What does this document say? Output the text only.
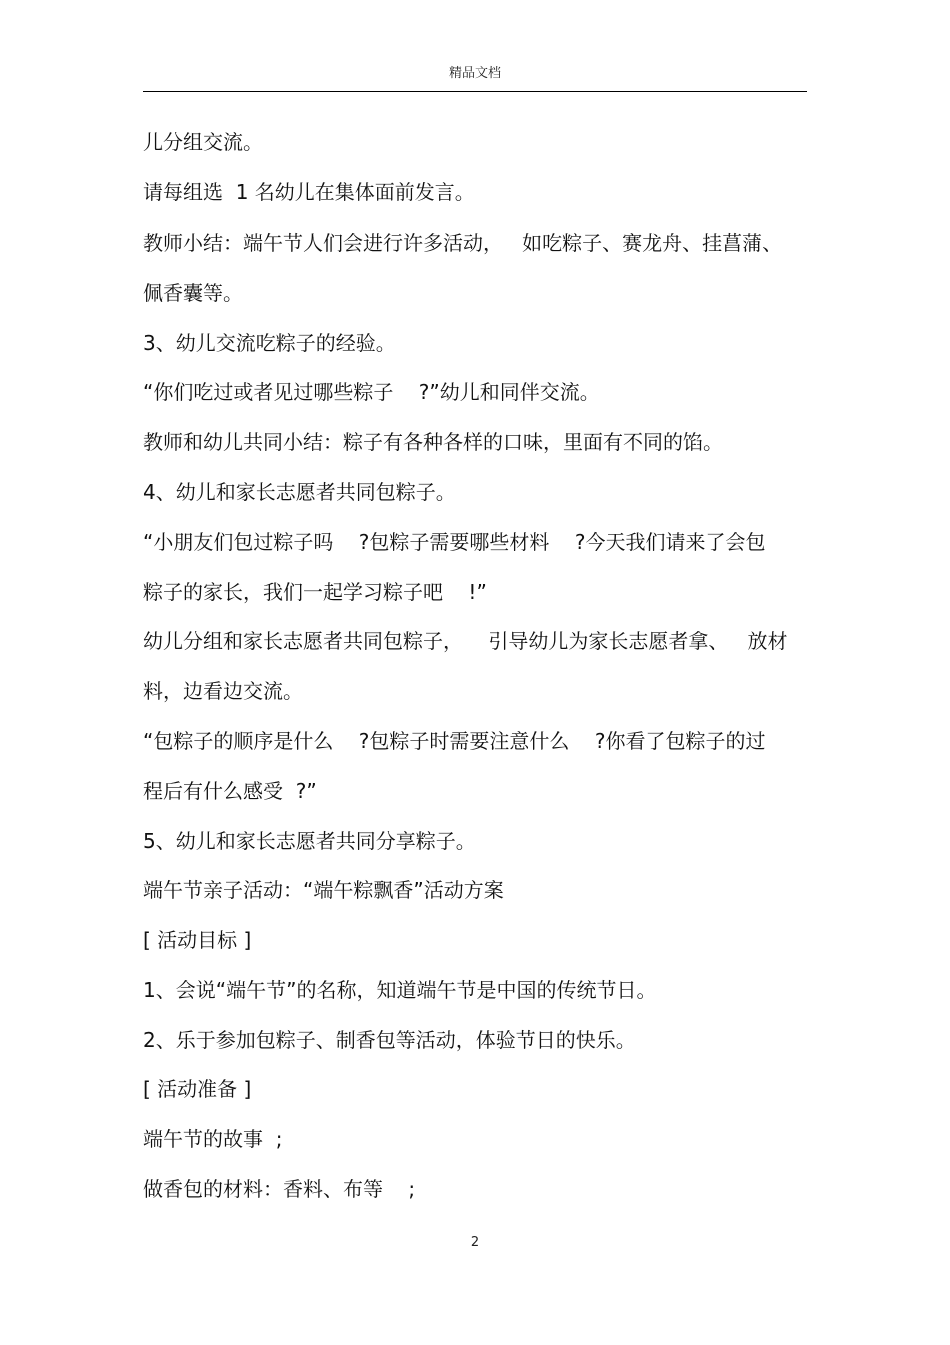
精品文档
儿分组交流。
请每组选  1 名幼儿在集体面前发言。
教师小结：端午节人们会进行许多活动，   如吃粽子、赛龙舟、挂菖蒲、
佩香囊等。
3、幼儿交流吃粽子的经验。
“你们吃过或者见过哪些粽子    ?”幼儿和同伴交流。
教师和幼儿共同小结：粽子有各种各样的口味，里面有不同的馅。
4、幼儿和家长志愿者共同包粽子。
“小朋友们包过粽子吗    ?包粽子需要哪些材料    ?今天我们请来了会包
粽子的家长，我们一起学习粽子吧    !”
幼儿分组和家长志愿者共同包粽子，    引导幼儿为家长志愿者拿、   放材
料，边看边交流。
“包粽子的顺序是什么    ?包粽子时需要注意什么    ?你看了包粽子的过
程后有什么感受  ?”
5、幼儿和家长志愿者共同分享粽子。
端午节亲子活动：“端午粽飘香”活动方案
[ 活动目标 ]
1、会说“端午节”的名称，知道端午节是中国的传统节日。
2、乐于参加包粽子、制香包等活动，体验节日的快乐。
[ 活动准备 ]
端午节的故事  ;
做香包的材料：香料、布等    ;
2
